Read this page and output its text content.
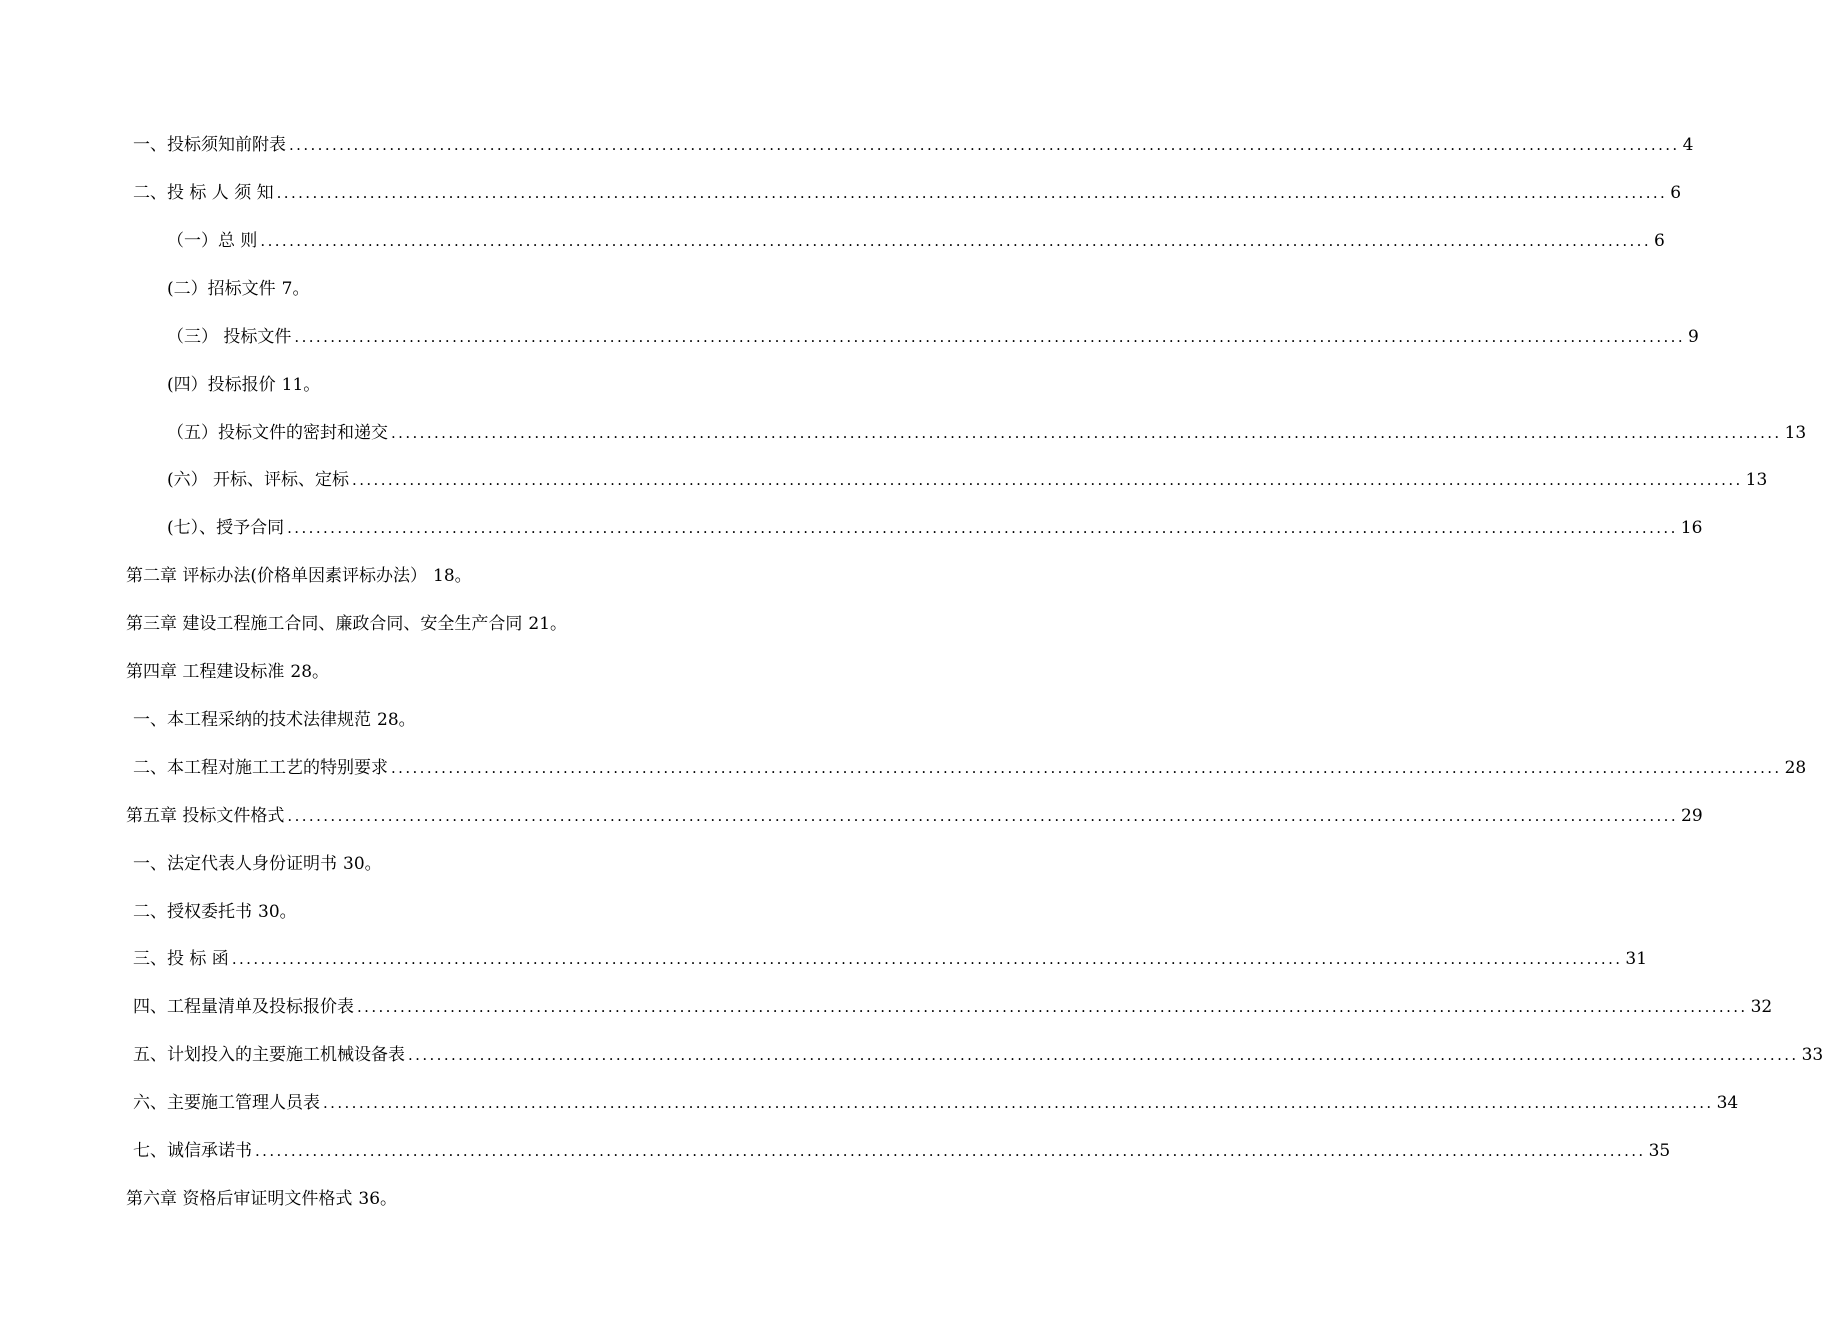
一、投标须知前附表 .................................................................................................................................................................................................. 4
二、投 标 人 须 知 .................................................................................................................................................................................................. 6
（一）总 则 .................................................................................................................................................................................................. 6
(二）招标文件 7。
（三） 投标文件 .................................................................................................................................................................................................. 9
(四）投标报价 11。
（五）投标文件的密封和递交 .................................................................................................................................................................................................. 13
(六） 开标、评标、定标 .................................................................................................................................................................................................. 13
(七）、授予合同 .................................................................................................................................................................................................. 16
第二章 评标办法(价格单因素评标办法） 18。
第三章 建设工程施工合同、廉政合同、安全生产合同 21。
第四章 工程建设标准 28。
一、本工程采纳的技术法律规范 28。
二、本工程对施工工艺的特别要求 .................................................................................................................................................................................................. 28
第五章 投标文件格式 .................................................................................................................................................................................................. 29
一、法定代表人身份证明书 30。
二、授权委托书 30。
三、投 标 函 .................................................................................................................................................................................................. 31
四、工程量清单及投标报价表 .................................................................................................................................................................................................. 32
五、计划投入的主要施工机械设备表 .................................................................................................................................................................................................. 33
六、主要施工管理人员表 .................................................................................................................................................................................................. 34
七、诚信承诺书 .................................................................................................................................................................................................. 35
第六章 资格后审证明文件格式 36。
